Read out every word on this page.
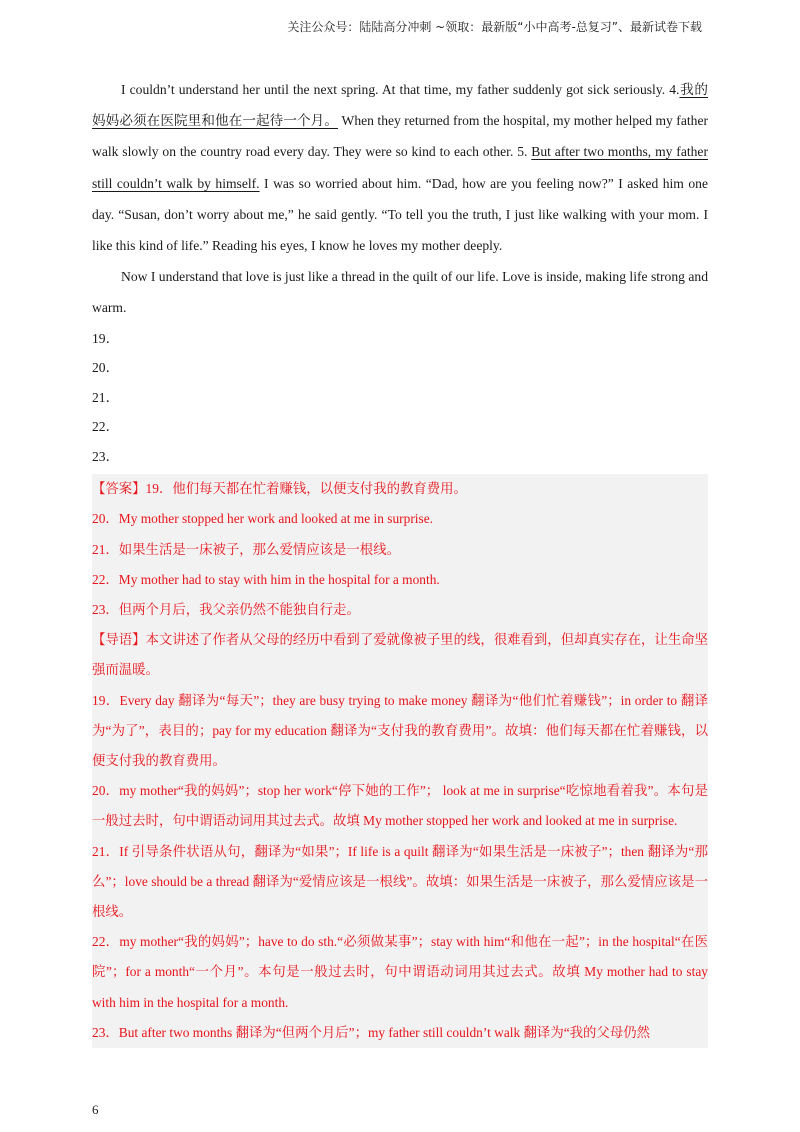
关注公众号：陆陆高分冲刺 ~领取：最新版“小中高考-总复习”、最新试卷下载

I couldn’t understand her until the next spring. At that time, my father suddenly got sick seriously. 4.我的妈妈必须在医院里和他在一起待一个月。 When they returned from the hospital, my mother helped my father walk slowly on the country road every day. They were so kind to each other. 5. But after two months, my father still couldn’t walk by himself. I was so worried about him. “Dad, how are you feeling now?” I asked him one day. “Susan, don’t worry about me,” he said gently. “To tell you the truth, I just like walking with your mom. I like this kind of life.” Reading his eyes, I know he loves my mother deeply.

Now I understand that love is just like a thread in the quilt of our life. Love is inside, making life strong and warm.

19．

20．

21．

22．

23．

【答案】19．他们每天都在忙着赚钱，以便支付我的教育费用。

20．My mother stopped her work and looked at me in surprise.

21．如果生活是一床被子，那么爱情应该是一根线。

22．My mother had to stay with him in the hospital for a month.

23．但两个月后，我父亲仍然不能独自行走。

【导语】本文讲述了作者从父母的经历中看到了爱就像被子里的线，很难看到，但却真实存在，让生命坚强而温暖。

19．Every day 翻译为“每天”；they are busy trying to make money 翻译为“他们忙着赚钱”；in order to 翻译为“为了”，表目的；pay for my education 翻译为“支付我的教育费用”。故填：他们每天都在忙着赚钱，以便支付我的教育费用。

20．my mother“我的妈妈”；stop her work“停下她的工作”； look at me in surprise“吃惊地看着我”。本句是一般过去时，句中谓语动词用其过去式。故填 My mother stopped her work and looked at me in surprise.

21．If 引导条件状语从句，翻译为“如果”；If life is a quilt 翻译为“如果生活是一床被子”；then 翻译为“那么”；love should be a thread 翻译为“爱情应该是一根线”。故填：如果生活是一床被子，那么爱情应该是一根线。

22．my mother“我的妈妈”；have to do sth.“必须做某事”；stay with him“和他在一起”；in the hospital“在医院”；for a month“一个月”。本句是一般过去时，句中谓语动词用其过去式。故填 My mother had to stay with him in the hospital for a month.

23．But after two months 翻译为“但两个月后”；my father still couldn’t walk 翻译为“我的父母仍然

6
